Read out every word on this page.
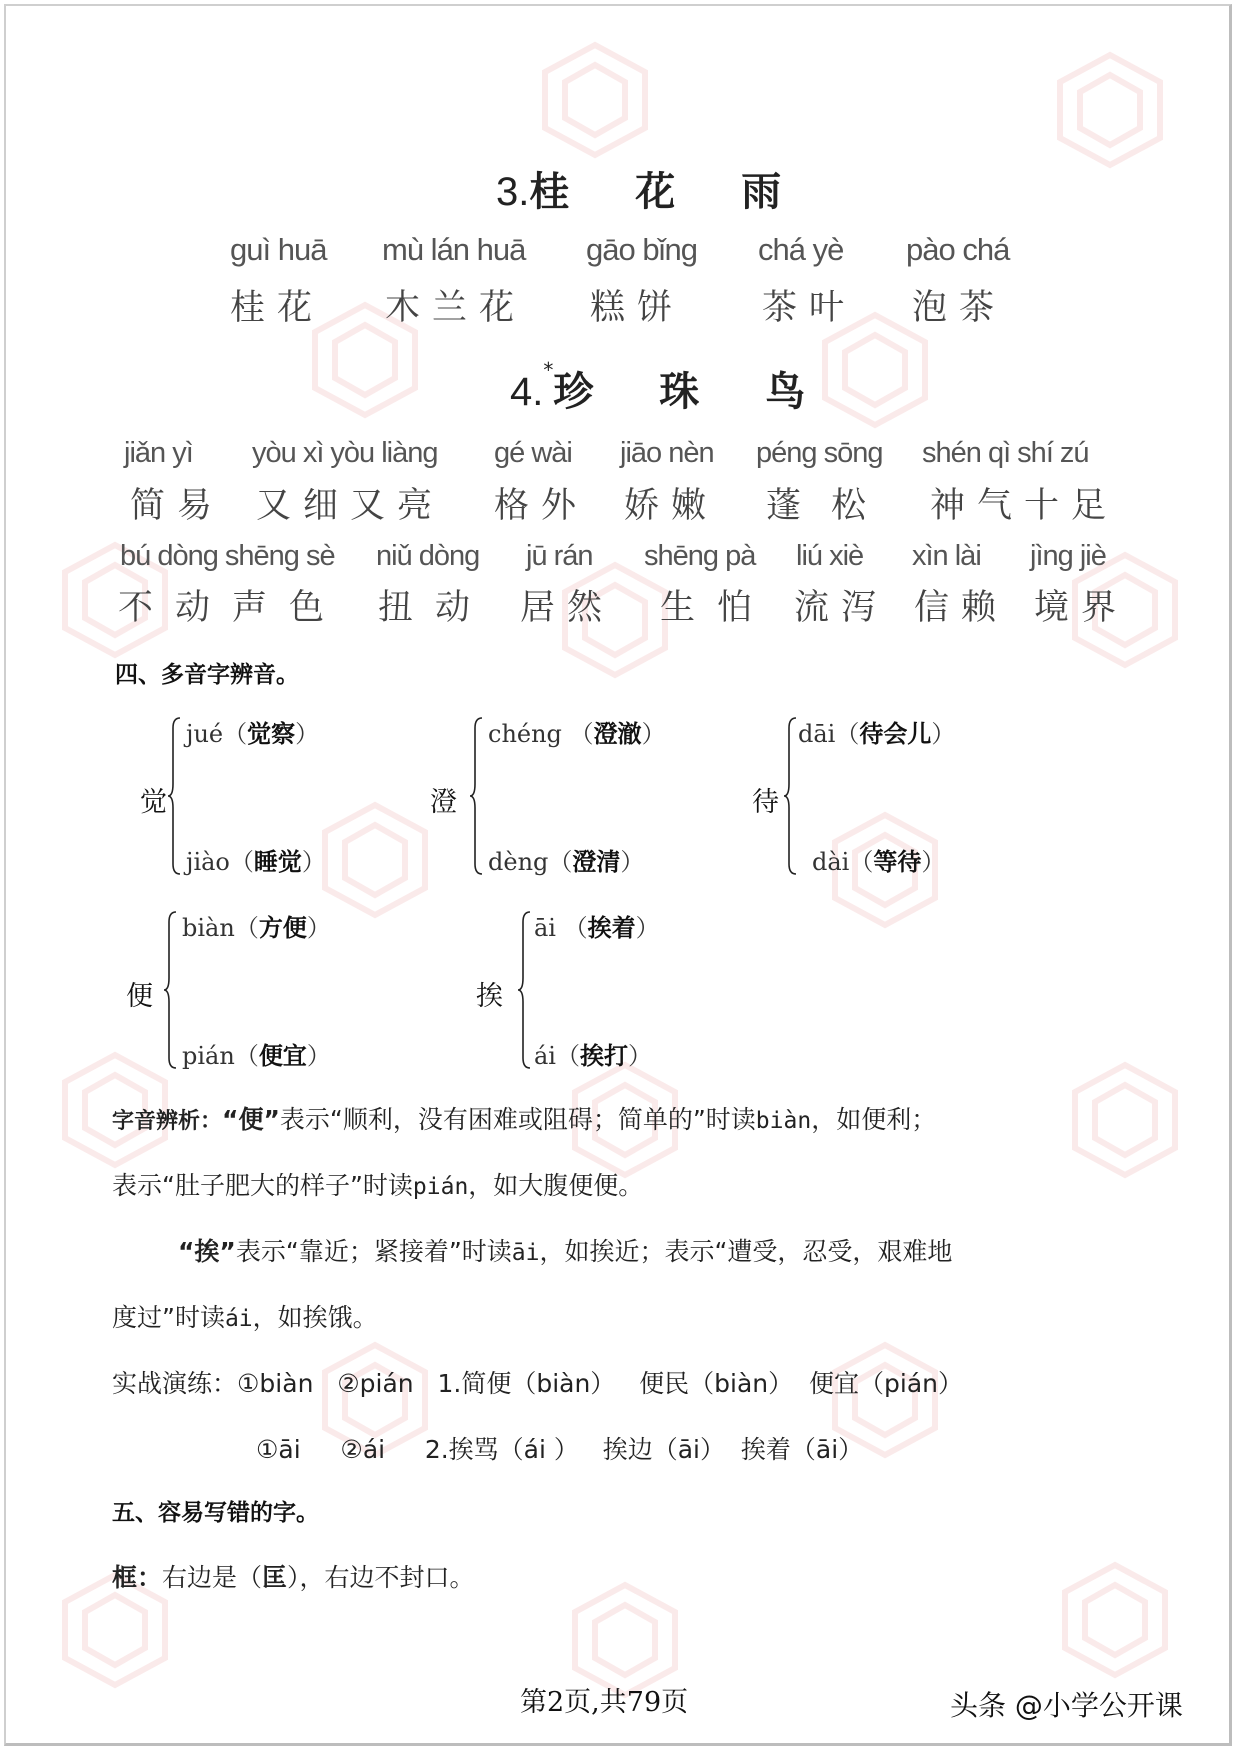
3.桂 花 雨
guì huā
桂花
mù lán huā
木兰花
gāo bǐng
糕饼
chá yè
茶叶
pào chá
泡茶
4.*珍 珠 鸟
jiǎn yì
简易
yòu xì yòu liàng
又细又亮
gé wài
格外
jiāo nèn
娇嫩
péng sōng
蓬松
shén qì shí zú
神气十足
bú dòng shēng sè
不动声色
niǔ dòng
扭动
jū rán
居然
shēng pà
生怕
liú xiè
流泻
xìn lài
信赖
jìng jiè
境界
四、多音字辨音。
觉
jué（觉察）
jiào（睡觉）
澄
chéng （澄澈）
dèng（澄清）
待
dāi（待会儿）
dài（等待）
便
biàn（方便）
pián（便宜）
挨
āi （挨着）
ái（挨打）
字音辨析：“便”表示“顺利，没有困难或阻碍；简单的”时读biàn，如便利；
表示“肚子肥大的样子”时读pián，如大腹便便。
“挨”表示“靠近；紧接着”时读āi，如挨近；表示“遭受，忍受，艰难地
度过”时读ái，如挨饿。
实战演练：①biàn   ②pián   1.简便（biàn）   便民（biàn）  便宜（pián）
①āi     ②ái     2.挨骂（ái ）   挨边（āi）  挨着（āi）
五、容易写错的字。
框：右边是（匡），右边不封口。
第2页,共79页	头条 @小学公开课
